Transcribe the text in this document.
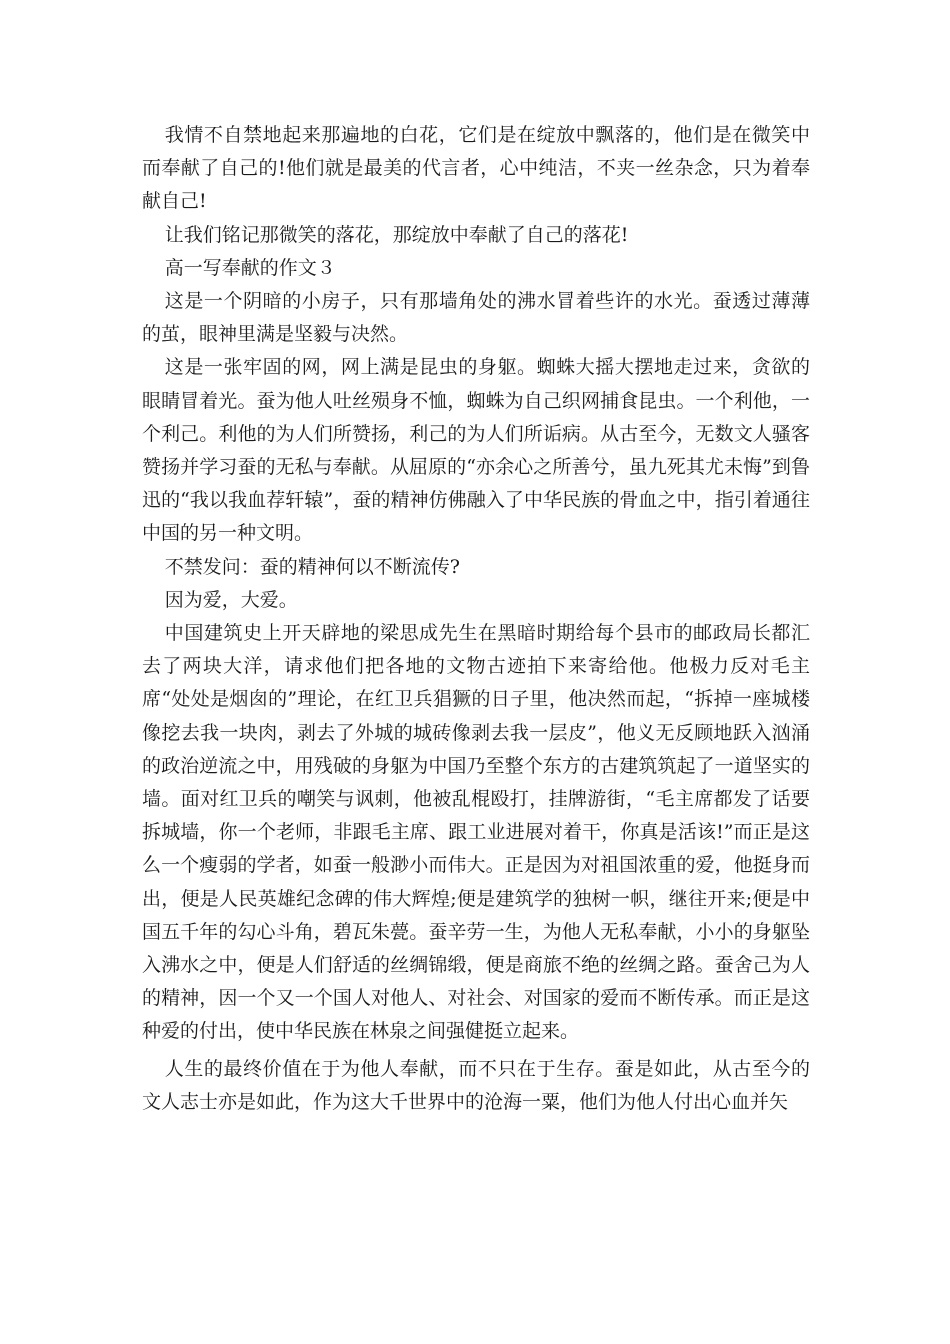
我情不自禁地起来那遍地的白花，它们是在绽放中飘落的，他们是在微笑中而奉献了自己的!他们就是最美的代言者，心中纯洁，不夹一丝杂念，只为着奉献自己!

让我们铭记那微笑的落花，那绽放中奉献了自己的落花!

高一写奉献的作文３

这是一个阴暗的小房子，只有那墙角处的沸水冒着些许的水光。蚕透过薄薄的茧，眼神里满是坚毅与决然。

这是一张牢固的网，网上满是昆虫的身躯。蜘蛛大摇大摆地走过来，贪欲的眼睛冒着光。蚕为他人吐丝殒身不恤，蜘蛛为自己织网捕食昆虫。一个利他，一个利己。利他的为人们所赞扬，利己的为人们所诟病。从古至今，无数文人骚客赞扬并学习蚕的无私与奉献。从屈原的“亦余心之所善兮，虽九死其尤未悔”到鲁迅的“我以我血荐轩辕”，蚕的精神仿佛融入了中华民族的骨血之中，指引着通往中国的另一种文明。

不禁发问：蚕的精神何以不断流传?

因为爱，大爱。

中国建筑史上开天辟地的梁思成先生在黑暗时期给每个县市的邮政局长都汇去了两块大洋，请求他们把各地的文物古迹拍下来寄给他。他极力反对毛主席“处处是烟囱的”理论，在红卫兵猖獗的日子里，他决然而起，“拆掉一座城楼像挖去我一块肉，剥去了外城的城砖像剥去我一层皮”，他义无反顾地跃入汹涌的政治逆流之中，用残破的身躯为中国乃至整个东方的古建筑筑起了一道坚实的墙。面对红卫兵的嘲笑与讽刺，他被乱棍殴打，挂牌游街，“毛主席都发了话要拆城墙，你一个老师，非跟毛主席、跟工业进展对着干，你真是活该!”而正是这么一个瘦弱的学者，如蚕一般渺小而伟大。正是因为对祖国浓重的爱，他挺身而出，便是人民英雄纪念碑的伟大辉煌;便是建筑学的独树一帜，继往开来;便是中国五千年的勾心斗角，碧瓦朱甍。蚕辛劳一生，为他人无私奉献，小小的身躯坠入沸水之中，便是人们舒适的丝绸锦缎，便是商旅不绝的丝绸之路。蚕舍己为人的精神，因一个又一个国人对他人、对社会、对国家的爱而不断传承。而正是这种爱的付出，使中华民族在林泉之间强健挺立起来。

人生的最终价值在于为他人奉献，而不只在于生存。蚕是如此，从古至今的文人志士亦是如此，作为这大千世界中的沧海一粟，他们为他人付出心血并矢
